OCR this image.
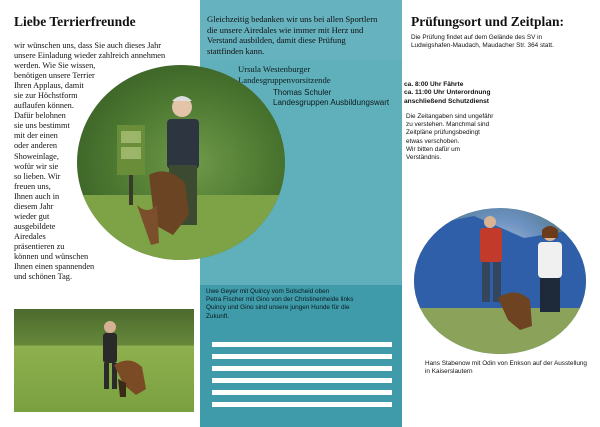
Gleichzeitig bedanken wir uns bei allen Sportlern
die unsere Airedales wie immer mit Herz und
Verstand ausbilden, damit diese Prüfung
stattfinden kann.
Ursula Westenburger
Landesgruppenvorsitzende
Thomas Schuler
Landesgruppen Ausbildungswart
Uwe Geyer mit Quincy vom Solscheid oben
Petra Fischer mit Gino von der Christinenheide links
Quincy und Gino sind unsere jungen Hunde für die
Zukunft.
Liebe Terrierfreunde
wir wünschen uns, dass Sie auch dieses Jahr
unsere Einladung wieder zahlreich annehmen
werden. Wie Sie wissen,
benötigen unsere Terrier
Ihren Applaus, damit
sie zur Höchstform
auflaufen können.
Dafür belohnen
sie uns bestimmt
mit der einen
oder anderen
Showeinlage,
wofür wir sie
so lieben. Wir
freuen uns,
Ihnen auch in
diesem Jahr
wieder gut
ausgebildete
Airedales
präsentieren zu
können und wünschen
Ihnen einen spannenden
und schönen Tag.
Prüfungsort und Zeitplan:
Die Prüfung findet auf dem Gelände des SV in
Ludwigshafen-Maudach, Maudacher Str. 364 statt.
ca. 8:00 Uhr Fährte
ca. 11:00 Uhr Unterordnung
anschließend Schutzdienst
Die Zeitangaben sind ungefähr
zu verstehen. Manchmal sind
Zeitpläne prüfungsbedingt
etwas verschoben.
Wir bitten dafür um
Verständnis.
Hans Stabenow mit Odin von Enkson auf der Ausstellung
in Kaiserslautern
